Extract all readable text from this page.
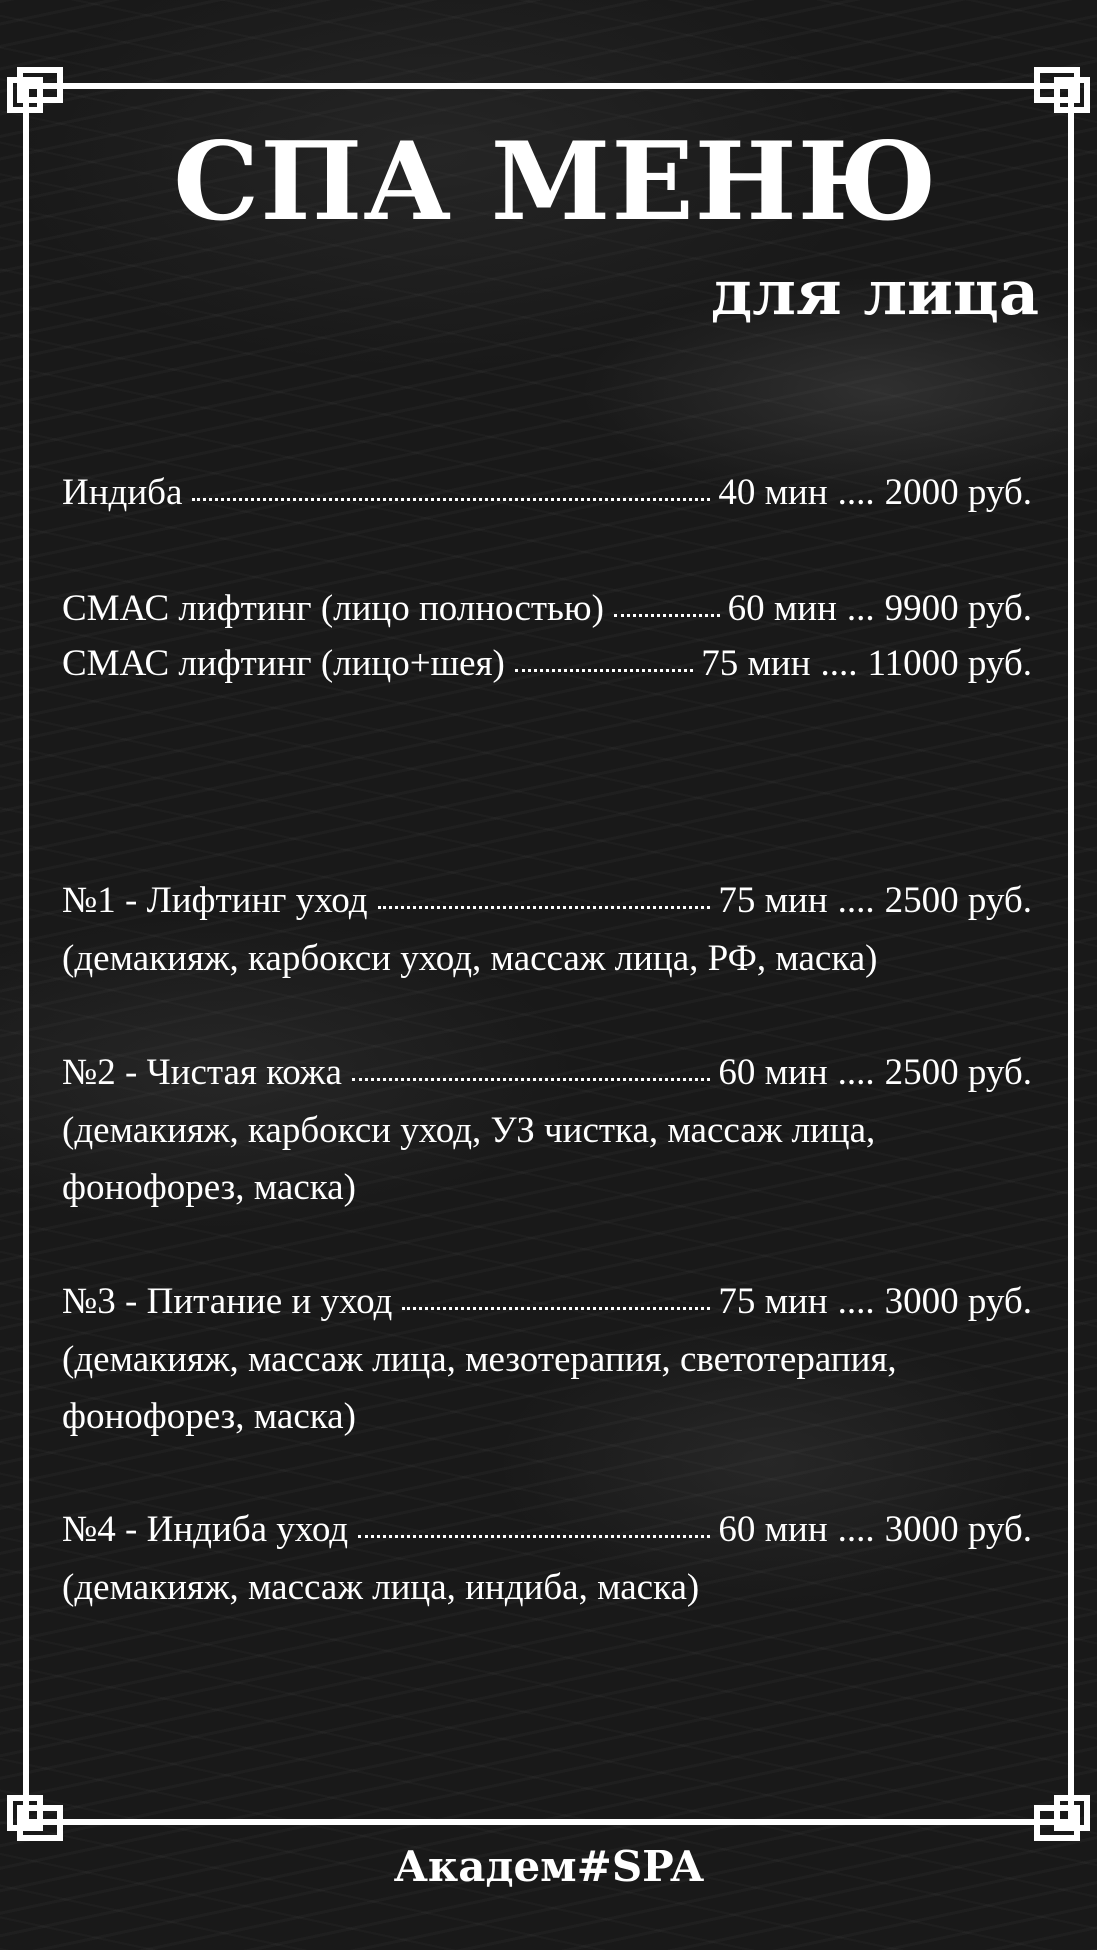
СПА МЕНЮ
для лица
Индиба	40 мин .... 2000 руб.
СМАС лифтинг (лицо полностью)	60 мин ... 9900 руб.
СМАС лифтинг (лицо+шея)	75 мин .... 11000 руб.
№1 - Лифтинг уход	75 мин .... 2500 руб.
(демакияж, карбокси уход, массаж лица, РФ, маска)
№2 - Чистая кожа	60 мин .... 2500 руб.
(демакияж, карбокси уход, УЗ чистка, массаж лица, фонофорез, маска)
№3 - Питание и уход	75 мин .... 3000 руб.
(демакияж, массаж лица, мезотерапия, светотерапия, фонофорез, маска)
№4 - Индиба уход	60 мин .... 3000 руб.
(демакияж, массаж лица, индиба, маска)
Академ#SPA
